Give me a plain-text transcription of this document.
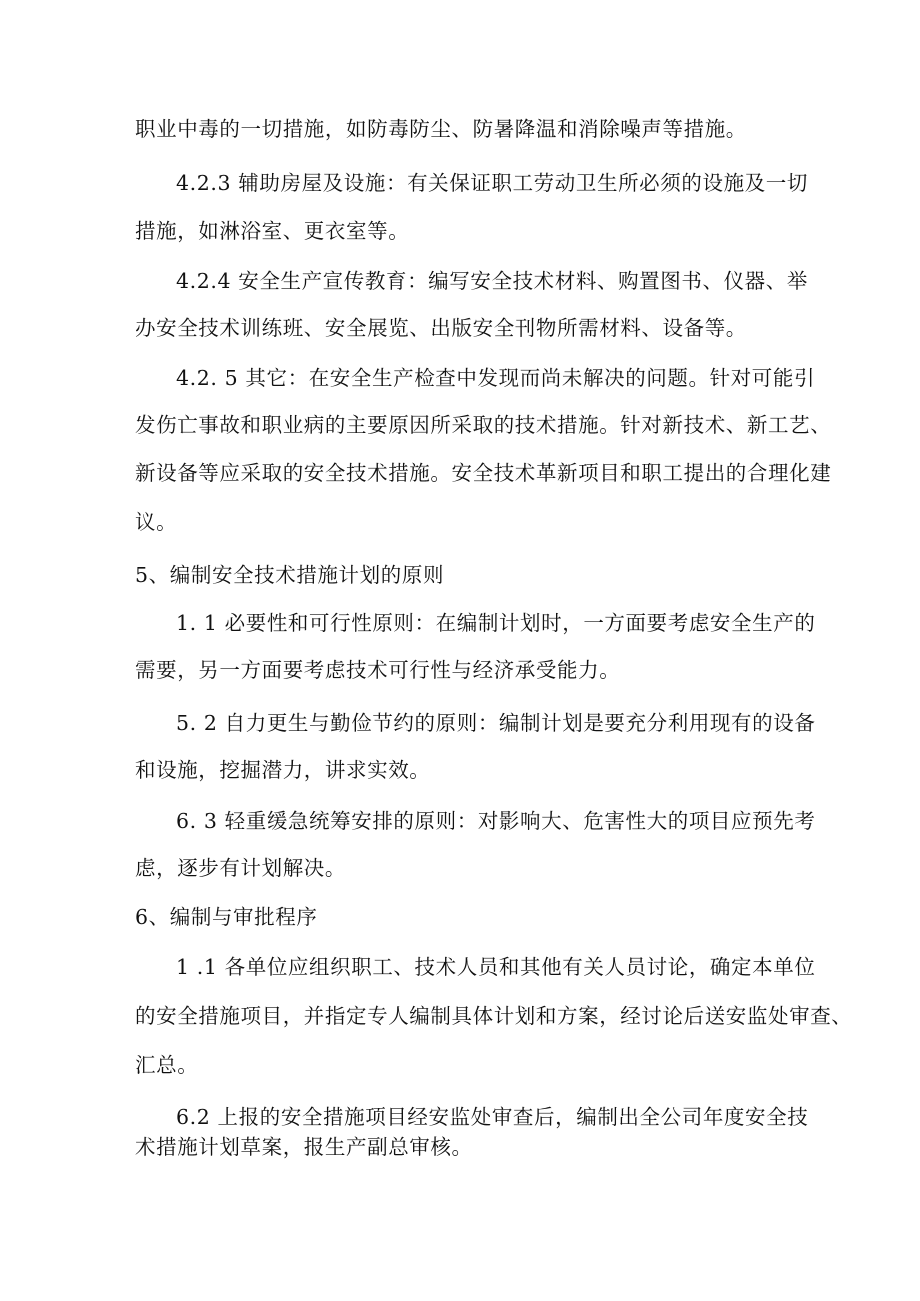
职业中毒的一切措施，如防毒防尘、防暑降温和消除噪声等措施。
4.2.3 辅助房屋及设施：有关保证职工劳动卫生所必须的设施及一切
措施，如淋浴室、更衣室等。
4.2.4 安全生产宣传教育：编写安全技术材料、购置图书、仪器、举
办安全技术训练班、安全展览、出版安全刊物所需材料、设备等。
4.2. 5 其它：在安全生产检查中发现而尚未解决的问题。针对可能引
发伤亡事故和职业病的主要原因所采取的技术措施。针对新技术、新工艺、
新设备等应采取的安全技术措施。安全技术革新项目和职工提出的合理化建
议。
5、编制安全技术措施计划的原则
1. 1 必要性和可行性原则：在编制计划时，一方面要考虑安全生产的
需要，另一方面要考虑技术可行性与经济承受能力。
5. 2 自力更生与勤俭节约的原则：编制计划是要充分利用现有的设备
和设施，挖掘潜力，讲求实效。
6. 3 轻重缓急统筹安排的原则：对影响大、危害性大的项目应预先考
虑，逐步有计划解决。
6、编制与审批程序
1 .1 各单位应组织职工、技术人员和其他有关人员讨论，确定本单位
的安全措施项目，并指定专人编制具体计划和方案，经讨论后送安监处审查、
汇总。
6.2 上报的安全措施项目经安监处审查后，编制出全公司年度安全技
术措施计划草案，报生产副总审核。
